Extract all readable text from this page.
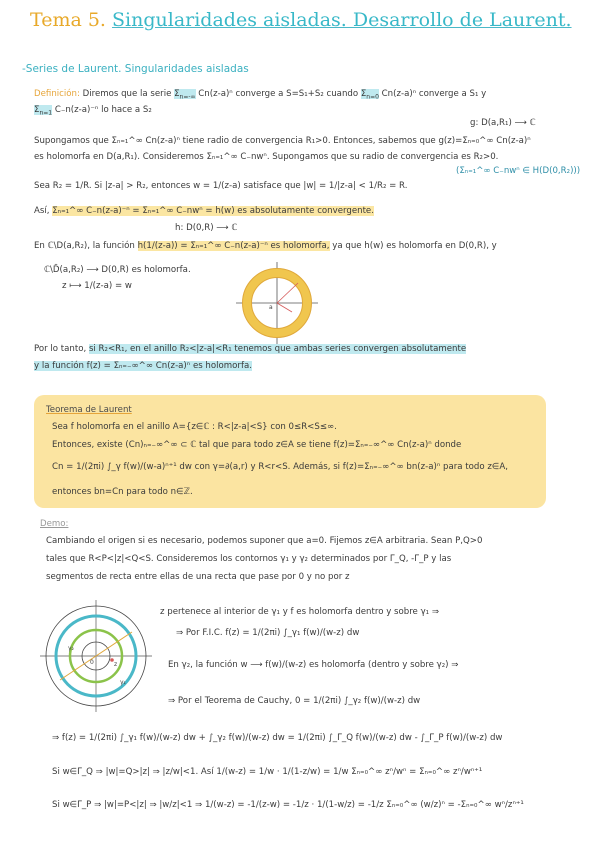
Tema 5. Singularidades aisladas. Desarrollo de Laurent.
-Series de Laurent. Singularidades aisladas
Definición: Diremos que la serie $\Sigma_{n=-\infty}$ Cn(z-a)ⁿ converge a S=S₁+S₂ cuando $\Sigma_{n=0}$ Cn(z-a)ⁿ converge a S₁ y
$\Sigma_{n=1}$ C₋n(z-a)⁻ⁿ lo hace a S₂
g: D(a,R₁) ⟶ ℂ
Supongamos que Σₙ₌₁^∞ Cn(z-a)ⁿ tiene radio de convergencia R₁>0. Entonces, sabemos que g(z)=Σₙ₌₀^∞ Cn(z-a)ⁿ
es holomorfa en D(a,R₁). Consideremos Σₙ₌₁^∞ C₋nwⁿ. Supongamos que su radio de convergencia es R₂>0.
(Σₙ₌₁^∞ C₋nwⁿ ∈ H(D(0,R₂)))
Sea R₂ = 1/R. Si |z-a| > R₂, entonces w = 1/(z-a) satisface que |w| = 1/|z-a| < 1/R₂ = R.
Así, Σₙ₌₁^∞ C₋n(z-a)⁻ⁿ = Σₙ₌₁^∞ C₋nwⁿ = h(w) es absolutamente convergente.
h: D(0,R) ⟶ ℂ
En ℂ\D(a,R₂), la función h(1/(z-a)) = Σₙ₌₁^∞ C₋n(z-a)⁻ⁿ es holomorfa, ya que h(w) es holomorfa en D(0,R), y
ℂ\D̄(a,R₂) ⟶ D(0,R) es holomorfa.
z ⟼ 1/(z-a) = w
a
Por lo tanto, si R₂<R₁, en el anillo R₂<|z-a|<R₁ tenemos que ambas series convergen absolutamente
y la función f(z) = Σₙ₌₋∞^∞ Cn(z-a)ⁿ es holomorfa.
Teorema de Laurent
Sea f holomorfa en el anillo A={z∈ℂ : R<|z-a|<S} con 0≤R<S≤∞.
Entonces, existe (Cn)ₙ₌₋∞^∞ ⊂ ℂ tal que para todo z∈A se tiene f(z)=Σₙ₌₋∞^∞ Cn(z-a)ⁿ donde
Cn = 1/(2πi) ∫_γ f(w)/(w-a)ⁿ⁺¹ dw con γ=∂(a,r) y R<r<S. Además, si f(z)=Σₙ₌₋∞^∞ bn(z-a)ⁿ para todo z∈A,
entonces bn=Cn para todo n∈ℤ.
Demo:
Cambiando el origen si es necesario, podemos suponer que a=0. Fijemos z∈A arbitraria. Sean P,Q>0
tales que R<P<|z|<Q<S. Consideremos los contornos γ₁ y γ₂ determinados por Γ_Q, -Γ_P y las
segmentos de recta entre ellas de una recta que pase por 0 y no por z
z
0
γ₂
γ₁
z pertenece al interior de γ₁ y f es holomorfa dentro y sobre γ₁ ⇒
⇒ Por F.I.C. f(z) = 1/(2πi) ∫_γ₁ f(w)/(w-z) dw
En γ₂, la función w ⟶ f(w)/(w-z) es holomorfa (dentro y sobre γ₂) ⇒
⇒ Por el Teorema de Cauchy, 0 = 1/(2πi) ∫_γ₂ f(w)/(w-z) dw
⇒ f(z) = 1/(2πi) ∫_γ₁ f(w)/(w-z) dw + ∫_γ₂ f(w)/(w-z) dw = 1/(2πi) ∫_Γ_Q f(w)/(w-z) dw - ∫_Γ_P f(w)/(w-z) dw
Si w∈Γ_Q ⇒ |w|=Q>|z| ⇒ |z/w|<1. Así 1/(w-z) = 1/w · 1/(1-z/w) = 1/w Σₙ₌₀^∞ zⁿ/wⁿ = Σₙ₌₀^∞ zⁿ/wⁿ⁺¹
Si w∈Γ_P ⇒ |w|=P<|z| ⇒ |w/z|<1 ⇒ 1/(w-z) = -1/(z-w) = -1/z · 1/(1-w/z) = -1/z Σₙ₌₀^∞ (w/z)ⁿ = -Σₙ₌₀^∞ wⁿ/zⁿ⁺¹
